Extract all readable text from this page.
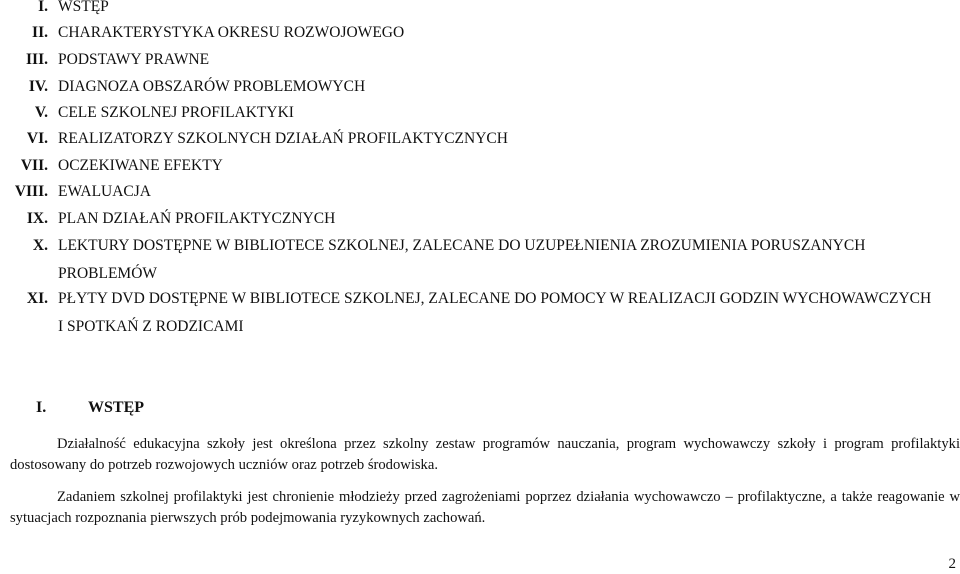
I. WSTĘP
II. CHARAKTERYSTYKA OKRESU ROZWOJOWEGO
III. PODSTAWY PRAWNE
IV. DIAGNOZA OBSZARÓW PROBLEMOWYCH
V. CELE SZKOLNEJ PROFILAKTYKI
VI. REALIZATORZY SZKOLNYCH DZIAŁAŃ PROFILAKTYCZNYCH
VII. OCZEKIWANE EFEKTY
VIII. EWALUACJA
IX. PLAN DZIAŁAŃ PROFILAKTYCZNYCH
X. LEKTURY DOSTĘPNE W BIBLIOTECE SZKOLNEJ, ZALECANE DO UZUPEŁNIENIA ZROZUMIENIA PORUSZANYCH PROBLEMÓW
XI. PŁYTY DVD DOSTĘPNE W BIBLIOTECE SZKOLNEJ, ZALECANE DO POMOCY W REALIZACJI GODZIN WYCHOWAWCZYCH I SPOTKAŃ Z RODZICAMI
I.	WSTĘP

Działalność edukacyjna szkoły jest określona przez szkolny zestaw programów nauczania, program wychowawczy szkoły i program profilaktyki dostosowany do potrzeb rozwojowych uczniów oraz potrzeb środowiska.

Zadaniem szkolnej profilaktyki jest chronienie młodzieży przed zagrożeniami poprzez działania wychowawczo – profilaktyczne, a także reagowanie w sytuacjach rozpoznania pierwszych prób podejmowania ryzykownych zachowań.

2
